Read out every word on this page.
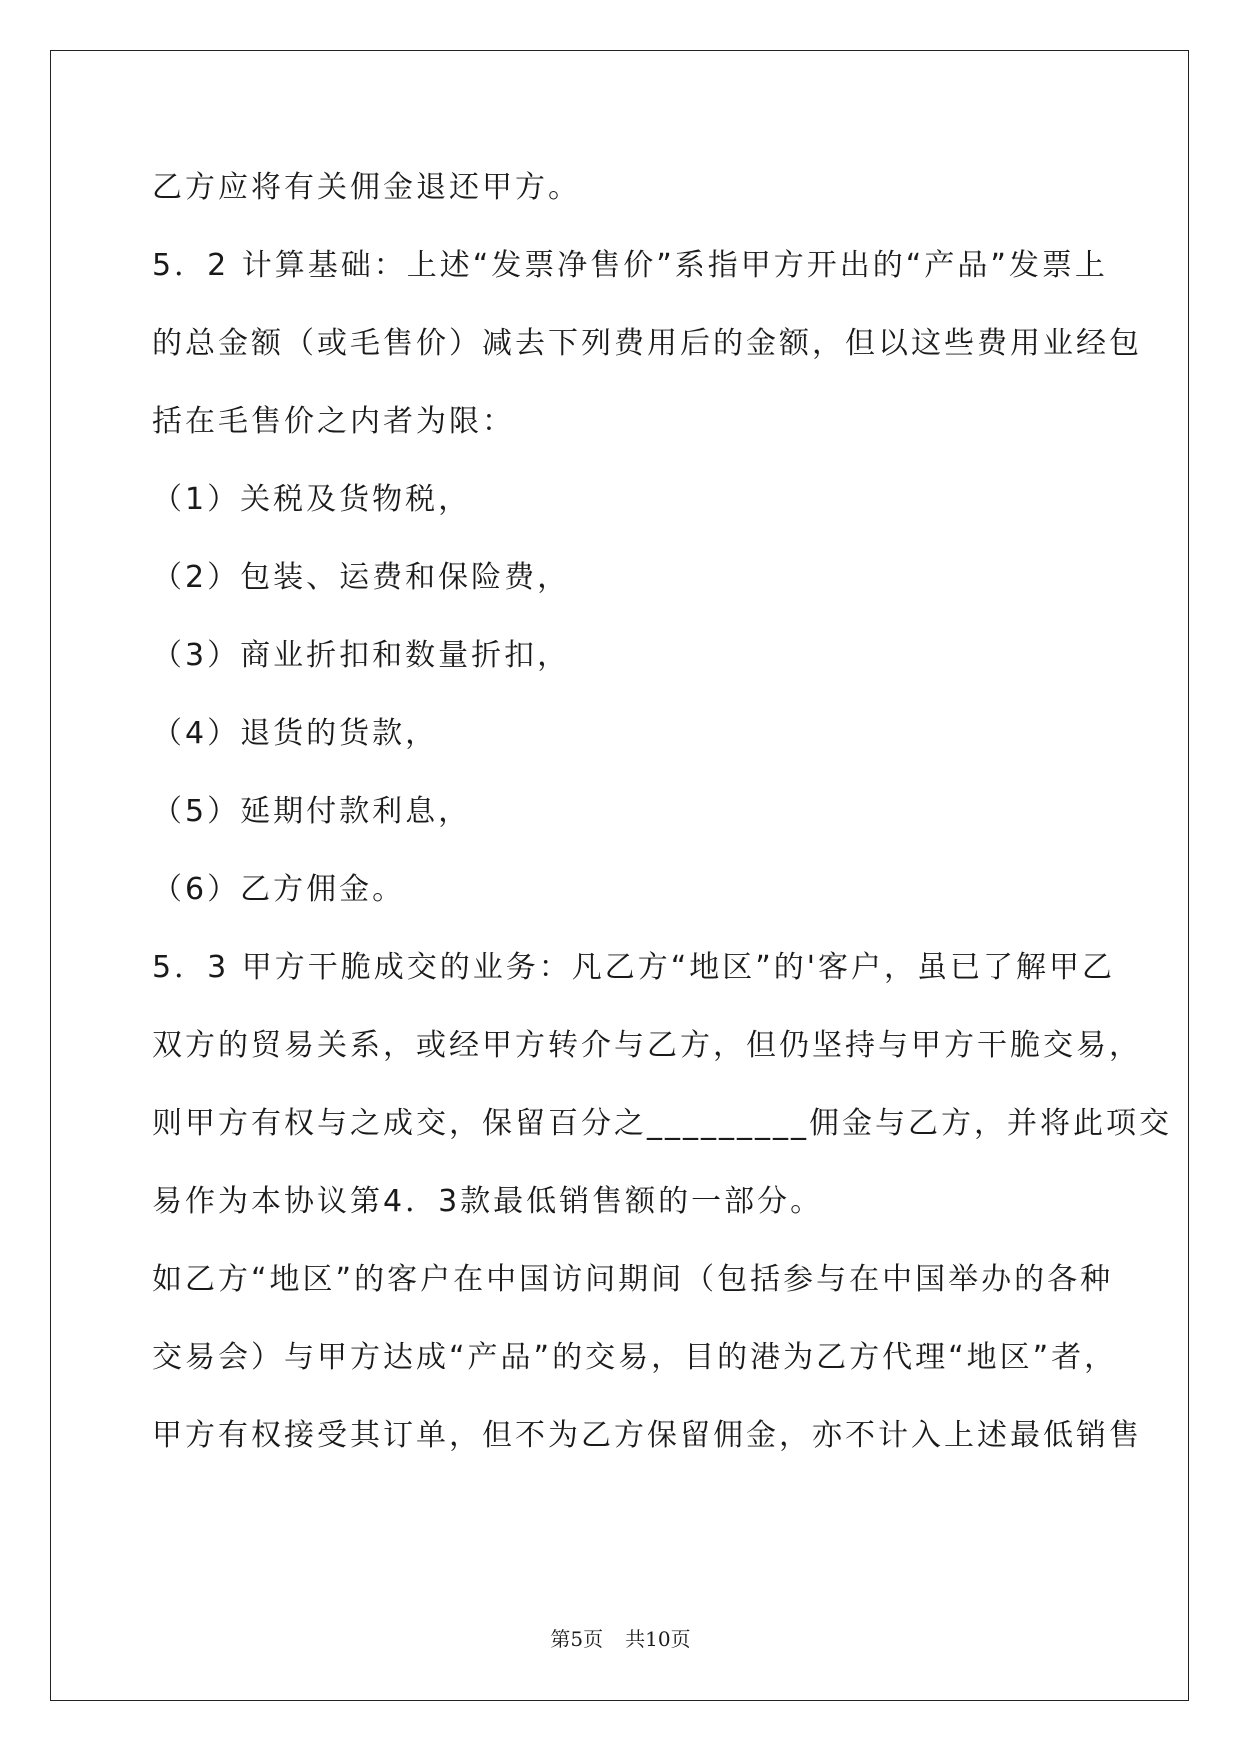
乙方应将有关佣金退还甲方。
5．2 计算基础：上述“发票净售价”系指甲方开出的“产品”发票上
的总金额（或毛售价）减去下列费用后的金额，但以这些费用业经包
括在毛售价之内者为限：
（1）关税及货物税，
（2）包装、运费和保险费，
（3）商业折扣和数量折扣，
（4）退货的货款，
（5）延期付款利息，
（6）乙方佣金。
5．3 甲方干脆成交的业务：凡乙方“地区”的'客户，虽已了解甲乙
双方的贸易关系，或经甲方转介与乙方，但仍坚持与甲方干脆交易，
则甲方有权与之成交，保留百分之_________佣金与乙方，并将此项交
易作为本协议第4．3款最低销售额的一部分。
如乙方“地区”的客户在中国访问期间（包括参与在中国举办的各种
交易会）与甲方达成“产品”的交易，目的港为乙方代理“地区”者，
甲方有权接受其订单，但不为乙方保留佣金，亦不计入上述最低销售
第5页 共10页
